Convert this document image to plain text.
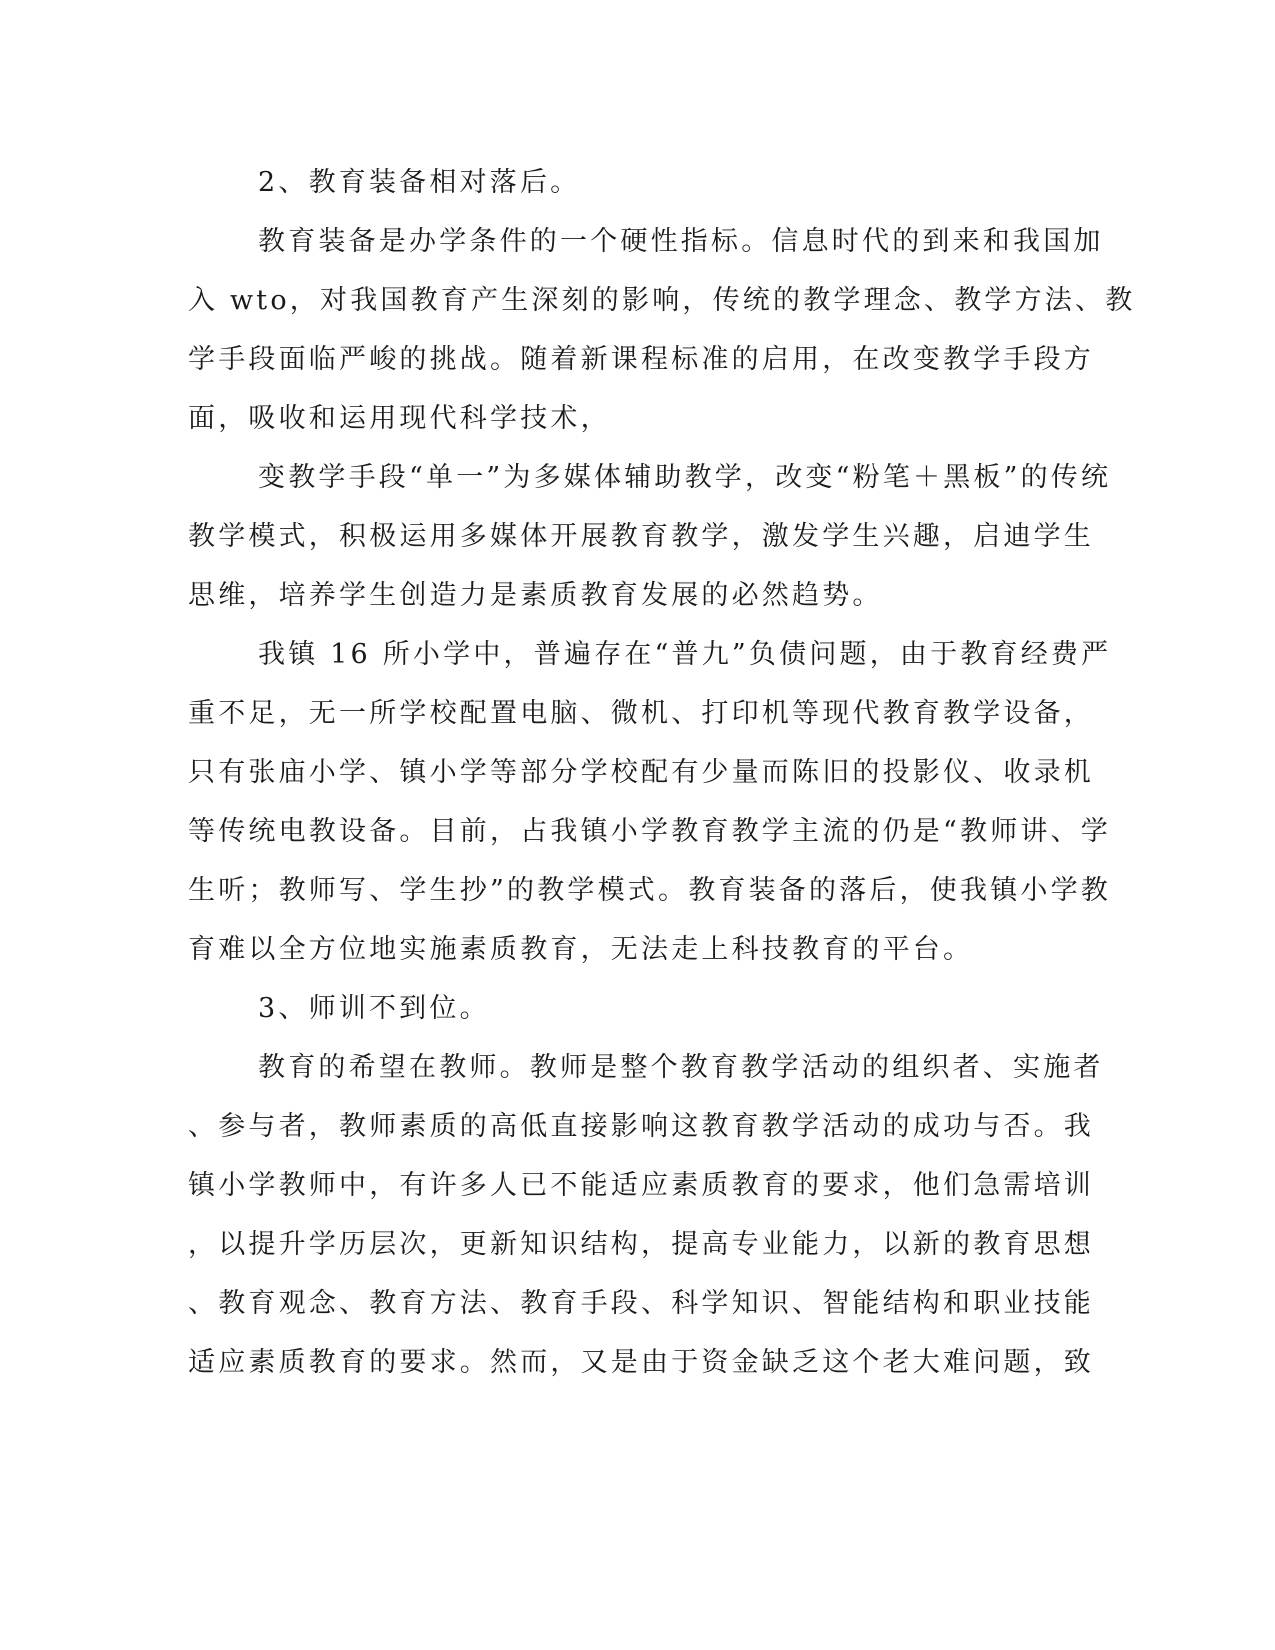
2、教育装备相对落后。
教育装备是办学条件的一个硬性指标。信息时代的到来和我国加
入 wto，对我国教育产生深刻的影响，传统的教学理念、教学方法、教
学手段面临严峻的挑战。随着新课程标准的启用，在改变教学手段方
面，吸收和运用现代科学技术，
变教学手段“单一”为多媒体辅助教学，改变“粉笔＋黑板”的传统
教学模式，积极运用多媒体开展教育教学，激发学生兴趣，启迪学生
思维，培养学生创造力是素质教育发展的必然趋势。
我镇 16 所小学中，普遍存在“普九”负债问题，由于教育经费严
重不足，无一所学校配置电脑、微机、打印机等现代教育教学设备，
只有张庙小学、镇小学等部分学校配有少量而陈旧的投影仪、收录机
等传统电教设备。目前，占我镇小学教育教学主流的仍是“教师讲、学
生听；教师写、学生抄”的教学模式。教育装备的落后，使我镇小学教
育难以全方位地实施素质教育，无法走上科技教育的平台。
3、师训不到位。
教育的希望在教师。教师是整个教育教学活动的组织者、实施者
、参与者，教师素质的高低直接影响这教育教学活动的成功与否。我
镇小学教师中，有许多人已不能适应素质教育的要求，他们急需培训
，以提升学历层次，更新知识结构，提高专业能力，以新的教育思想
、教育观念、教育方法、教育手段、科学知识、智能结构和职业技能
适应素质教育的要求。然而，又是由于资金缺乏这个老大难问题，致
